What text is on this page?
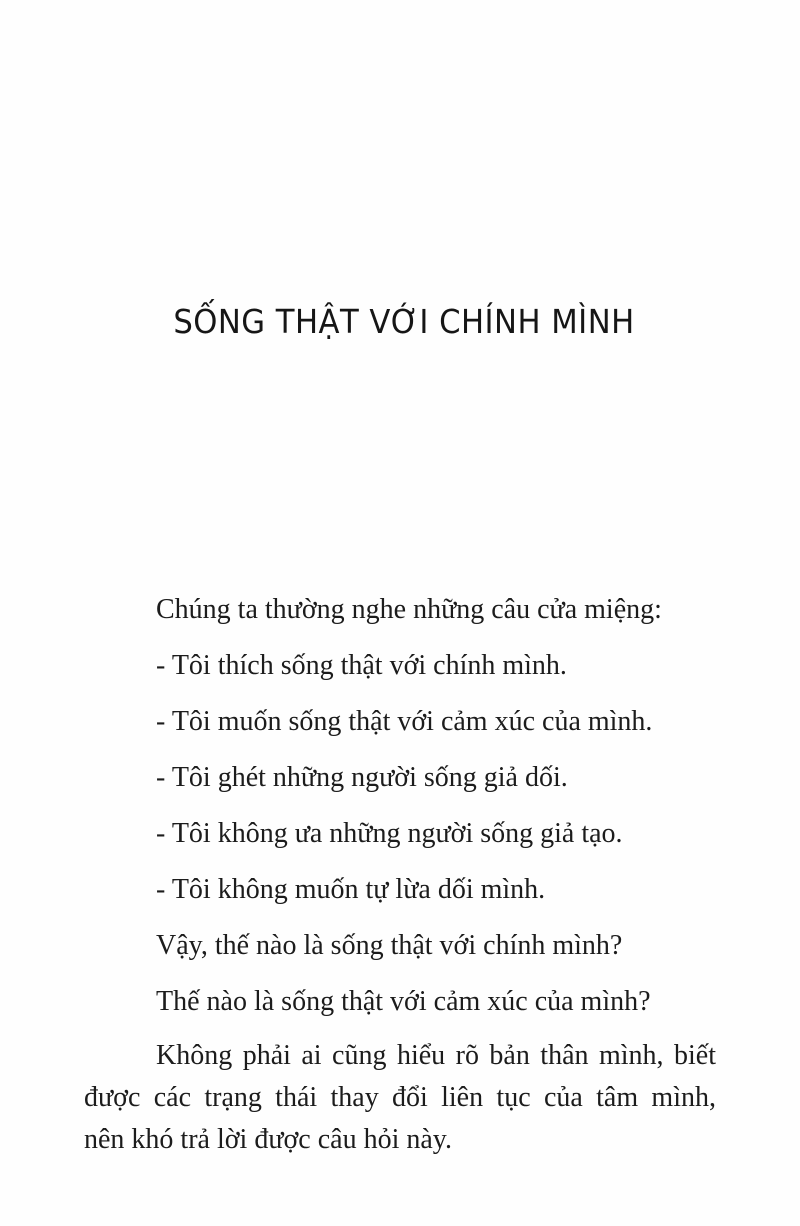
SỐNG THẬT VỚI CHÍNH MÌNH

Chúng ta thường nghe những câu cửa miệng:

- Tôi thích sống thật với chính mình.

- Tôi muốn sống thật với cảm xúc của mình.

- Tôi ghét những người sống giả dối.

- Tôi không ưa những người sống giả tạo.

- Tôi không muốn tự lừa dối mình.

Vậy, thế nào là sống thật với chính mình?

Thế nào là sống thật với cảm xúc của mình?

Không phải ai cũng hiểu rõ bản thân mình, biết

được các trạng thái thay đổi liên tục của tâm mình,

nên khó trả lời được câu hỏi này.
